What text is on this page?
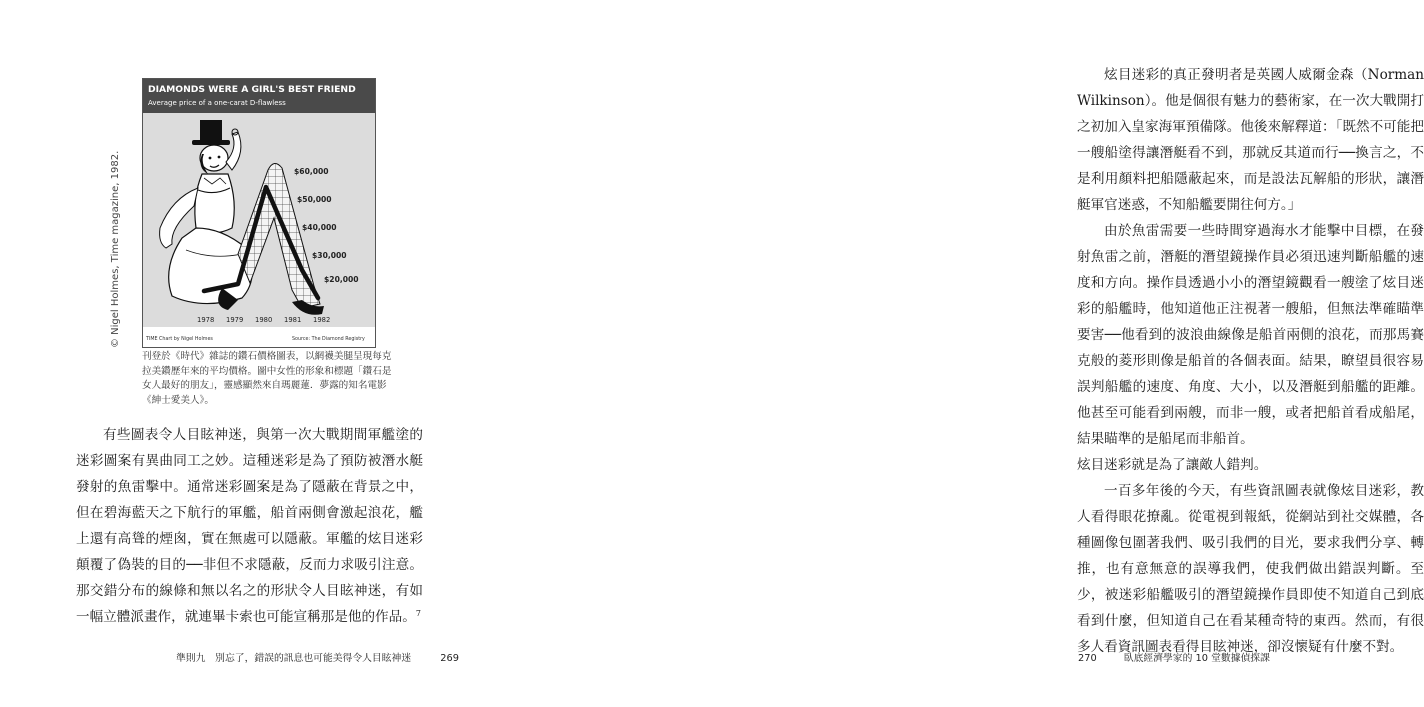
© Nigel Holmes, Time magazine, 1982.
DIAMONDS WERE A GIRL'S BEST FRIEND
Average price of a one-carat D-flawless
$60,000
$50,000
$40,000
$30,000
$20,000
1978 1979 1980 1981 1982
TIME Chart by Nigel Holmes	Source: The Diamond Registry

刊登於《時代》雜誌的鑽石價格圖表，以網襪美腿呈現每克拉美鑽歷年來的平均價格。圖中女性的形象和標題「鑽石是女人最好的朋友」，靈感顯然來自瑪麗蓮．夢露的知名電影《紳士愛美人》。

有些圖表令人目眩神迷，與第一次大戰期間軍艦塗的迷彩圖案有異曲同工之妙。這種迷彩是為了預防被潛水艇發射的魚雷擊中。通常迷彩圖案是為了隱蔽在背景之中，但在碧海藍天之下航行的軍艦，船首兩側會激起浪花，艦上還有高聳的煙囪，實在無處可以隱蔽。軍艦的炫目迷彩顛覆了偽裝的目的──非但不求隱蔽，反而力求吸引注意。那交錯分布的線條和無以名之的形狀令人目眩神迷，有如一幅立體派畫作，就連畢卡索也可能宣稱那是他的作品。$^7$

準則九　別忘了，錯誤的訊息也可能美得令人目眩神迷	269

炫目迷彩的真正發明者是英國人威爾金森（Norman Wilkinson）。他是個很有魅力的藝術家，在一次大戰開打之初加入皇家海軍預備隊。他後來解釋道：「既然不可能把一艘船塗得讓潛艇看不到，那就反其道而行──換言之，不是利用顏料把船隱蔽起來，而是設法瓦解船的形狀，讓潛艇軍官迷惑，不知船艦要開往何方。」

由於魚雷需要一些時間穿過海水才能擊中目標，在發射魚雷之前，潛艇的潛望鏡操作員必須迅速判斷船艦的速度和方向。操作員透過小小的潛望鏡觀看一艘塗了炫目迷彩的船艦時，他知道他正注視著一艘船，但無法準確瞄準要害──他看到的波浪曲線像是船首兩側的浪花，而那馬賽克般的菱形則像是船首的各個表面。結果，瞭望員很容易誤判船艦的速度、角度、大小，以及潛艇到船艦的距離。他甚至可能看到兩艘，而非一艘，或者把船首看成船尾，結果瞄準的是船尾而非船首。

炫目迷彩就是為了讓敵人錯判。

一百多年後的今天，有些資訊圖表就像炫目迷彩，教人看得眼花撩亂。從電視到報紙，從網站到社交媒體，各種圖像包圍著我們、吸引我們的目光，要求我們分享、轉推，也有意無意的誤導我們，使我們做出錯誤判斷。至少，被迷彩船艦吸引的潛望鏡操作員即使不知道自己到底看到什麼，但知道自己在看某種奇特的東西。然而，有很多人看資訊圖表看得目眩神迷，卻沒懷疑有什麼不對。

270	臥底經濟學家的 10 堂數據偵探課
